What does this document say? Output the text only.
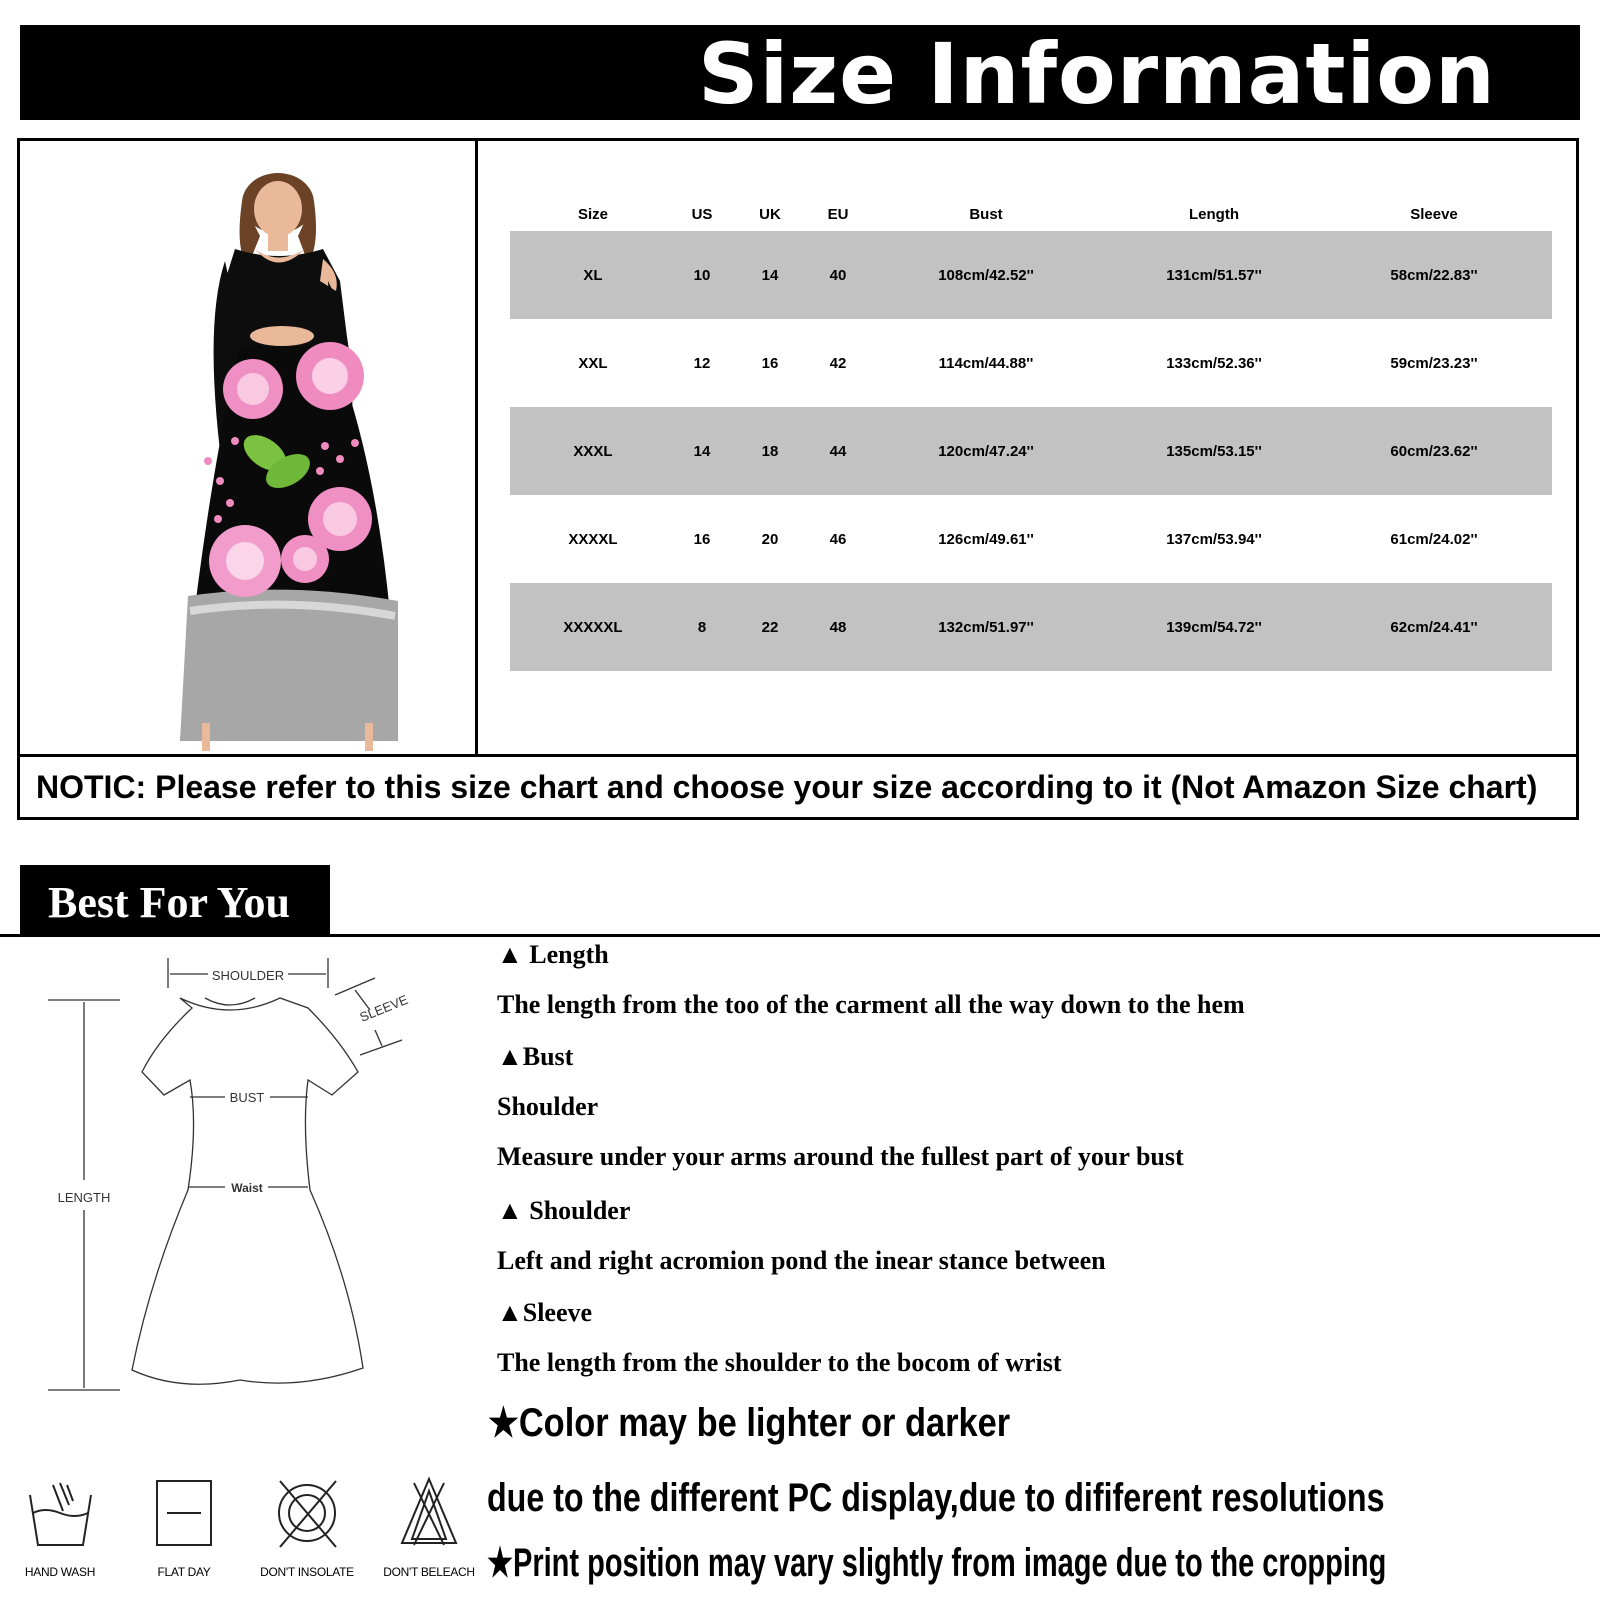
Size Information
Size	US	UK	EU	Bust	Length	Sleeve
XL	10	14	40	108cm/42.52''	131cm/51.57''	58cm/22.83''
XXL	12	16	42	114cm/44.88''	133cm/52.36''	59cm/23.23''
XXXL	14	18	44	120cm/47.24''	135cm/53.15''	60cm/23.62''
XXXXL	16	20	46	126cm/49.61''	137cm/53.94''	61cm/24.02''
XXXXXL	8	22	48	132cm/51.97''	139cm/54.72''	62cm/24.41''
NOTIC: Please refer to this size chart and choose your size according to it (Not Amazon Size chart)
Best For You
SHOULDER
SLEEVE
BUST
Waist
LENGTH
▲ Length
The length from the too of the carment all the way down to the hem
▲Bust
Shoulder
Measure under your arms around the fullest part of your bust
▲ Shoulder
Left and right acromion pond the inear stance between
▲Sleeve
The length from the shoulder to the bocom of wrist
★Color may be lighter or darker
due to the different PC display,due to dififerent resolutions
★Print position may vary slightly from image due to the cropping
HAND WASH	FLAT DAY	DON'T INSOLATE	DON'T BELEACH
